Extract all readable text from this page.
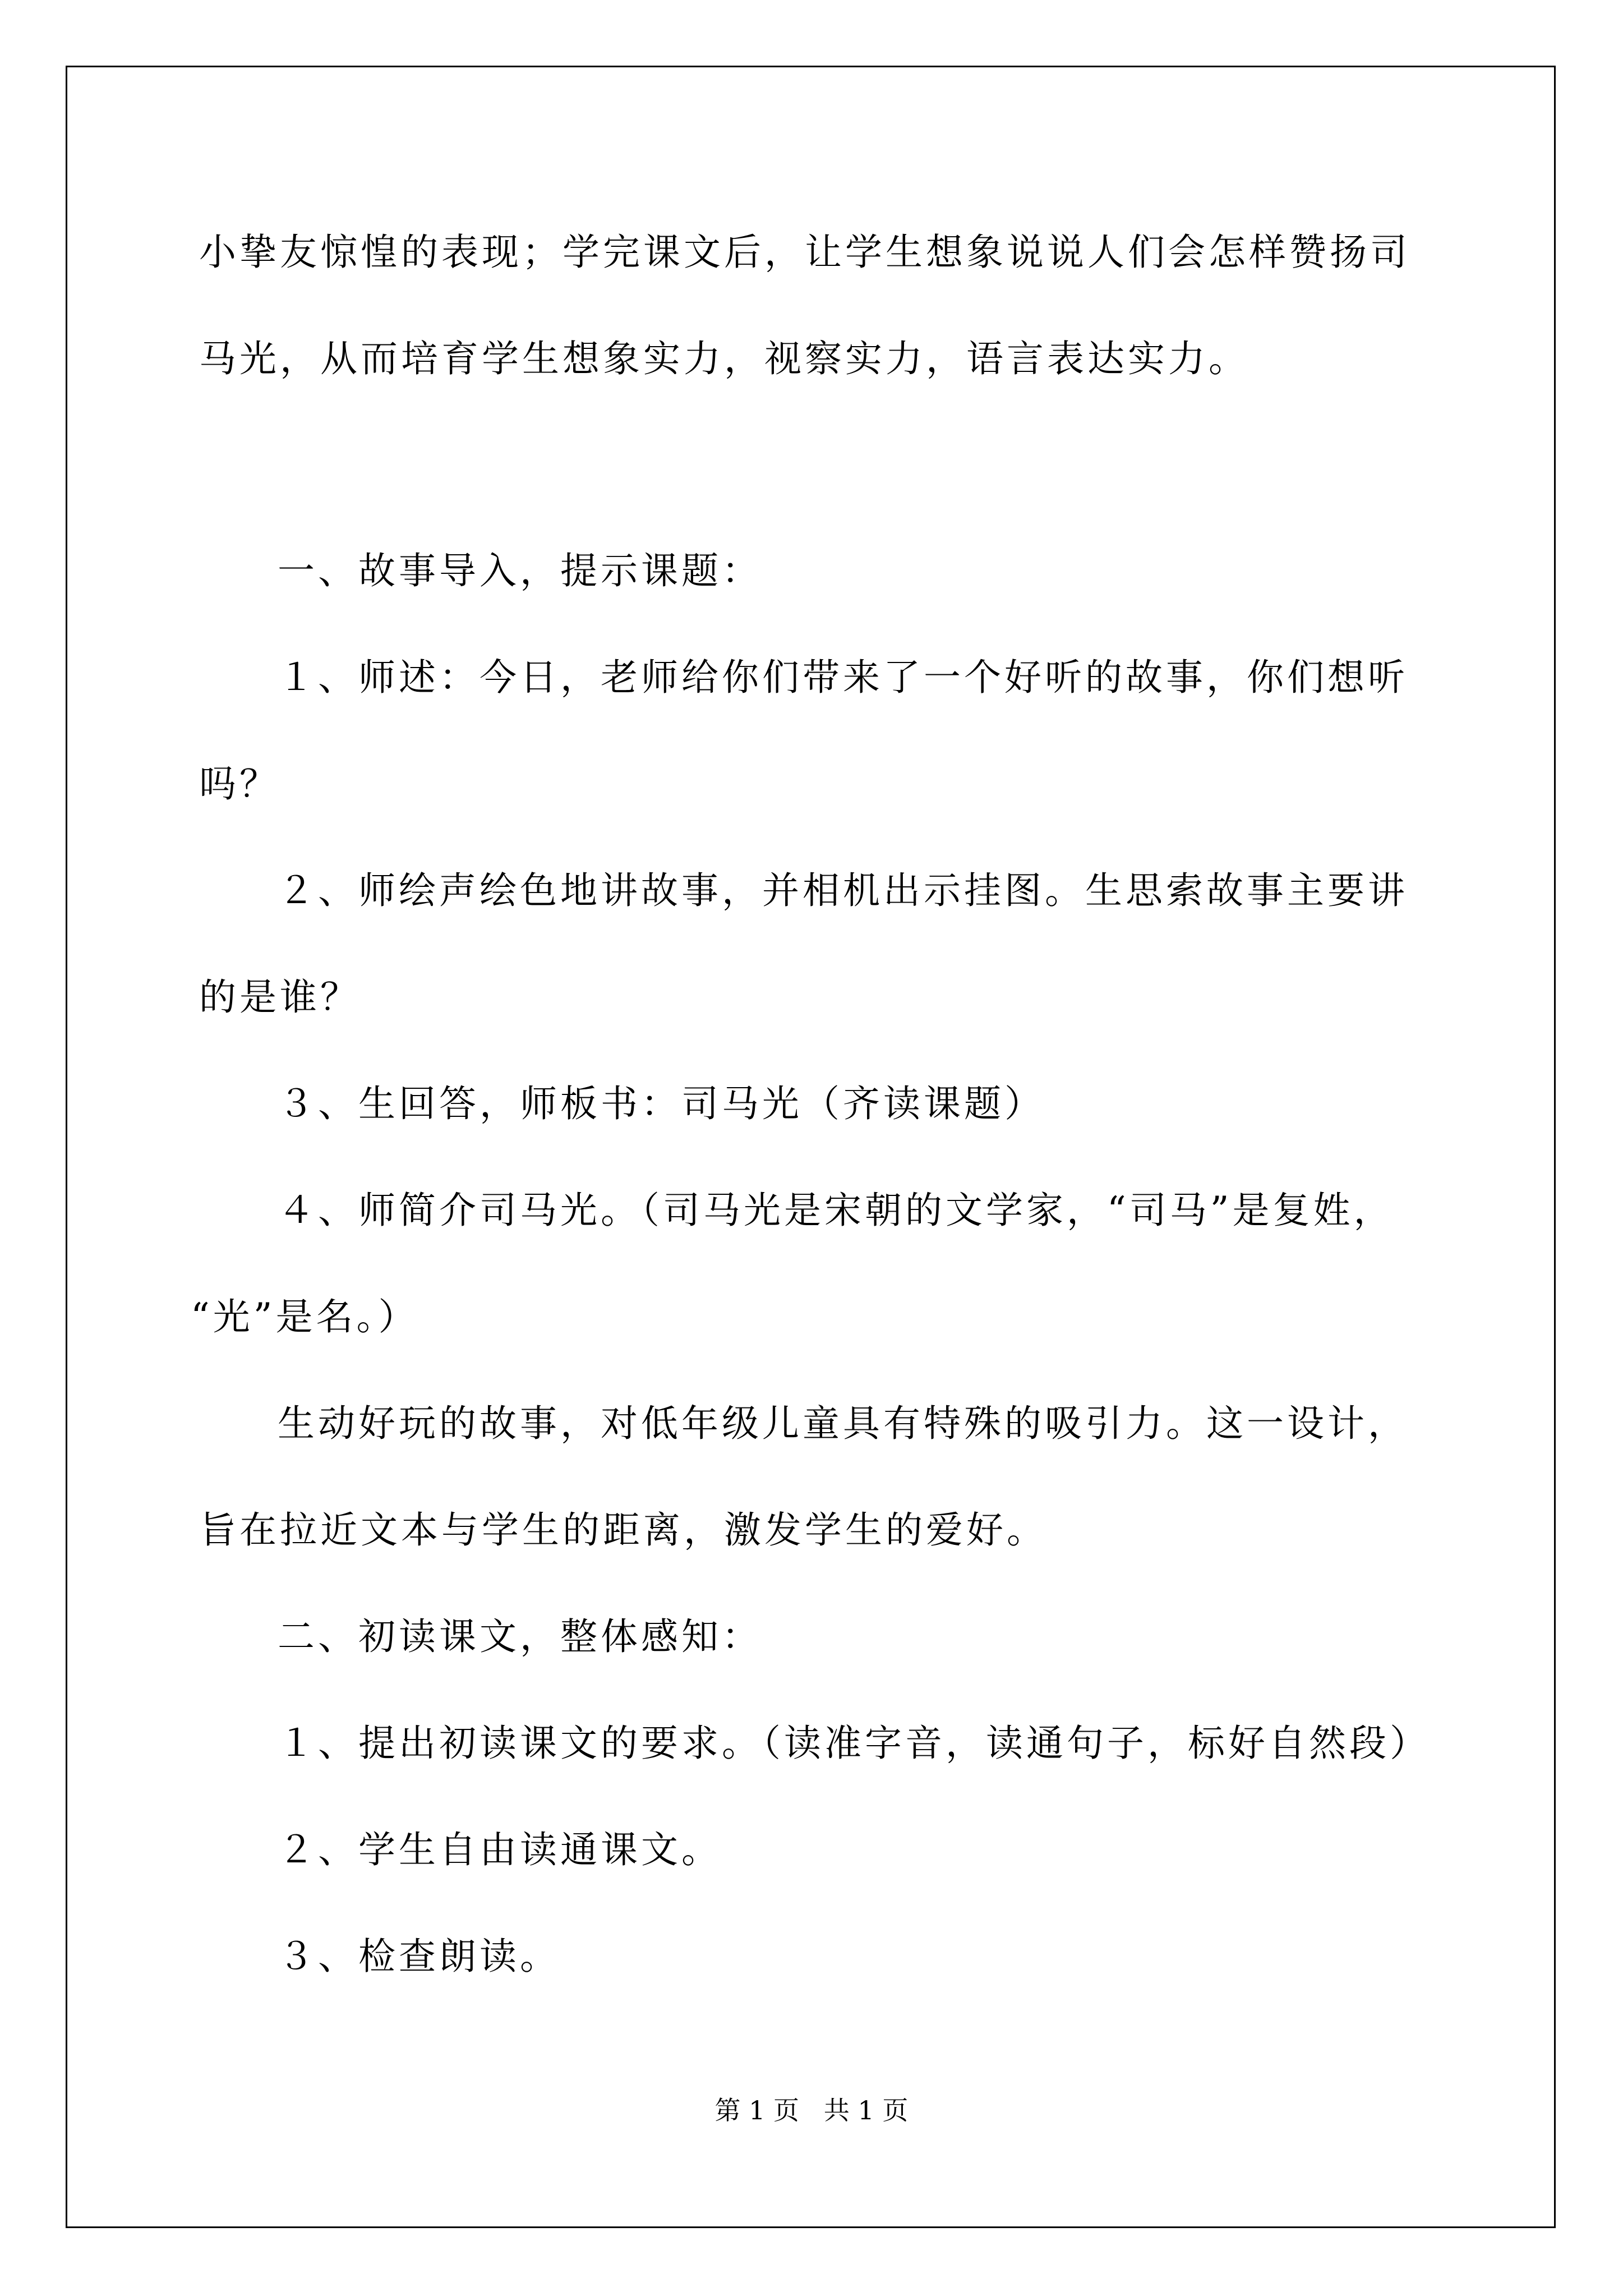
小挚友惊惶的表现；学完课文后，让学生想象说说人们会怎样赞扬司
马光，从而培育学生想象实力，视察实力，语言表达实力。
一、故事导入，提示课题：
１、师述：今日，老师给你们带来了一个好听的故事，你们想听
吗？
２、师绘声绘色地讲故事，并相机出示挂图。生思索故事主要讲
的是谁？
３、生回答，师板书：司马光（齐读课题）
４、师简介司马光。（司马光是宋朝的文学家，“司马”是复姓，
“光”是名。）
生动好玩的故事，对低年级儿童具有特殊的吸引力。这一设计，
旨在拉近文本与学生的距离，激发学生的爱好。
二、初读课文，整体感知：
１、提出初读课文的要求。（读准字音，读通句子，标好自然段）
２、学生自由读通课文。
３、检查朗读。
第 1 页   共 1 页
